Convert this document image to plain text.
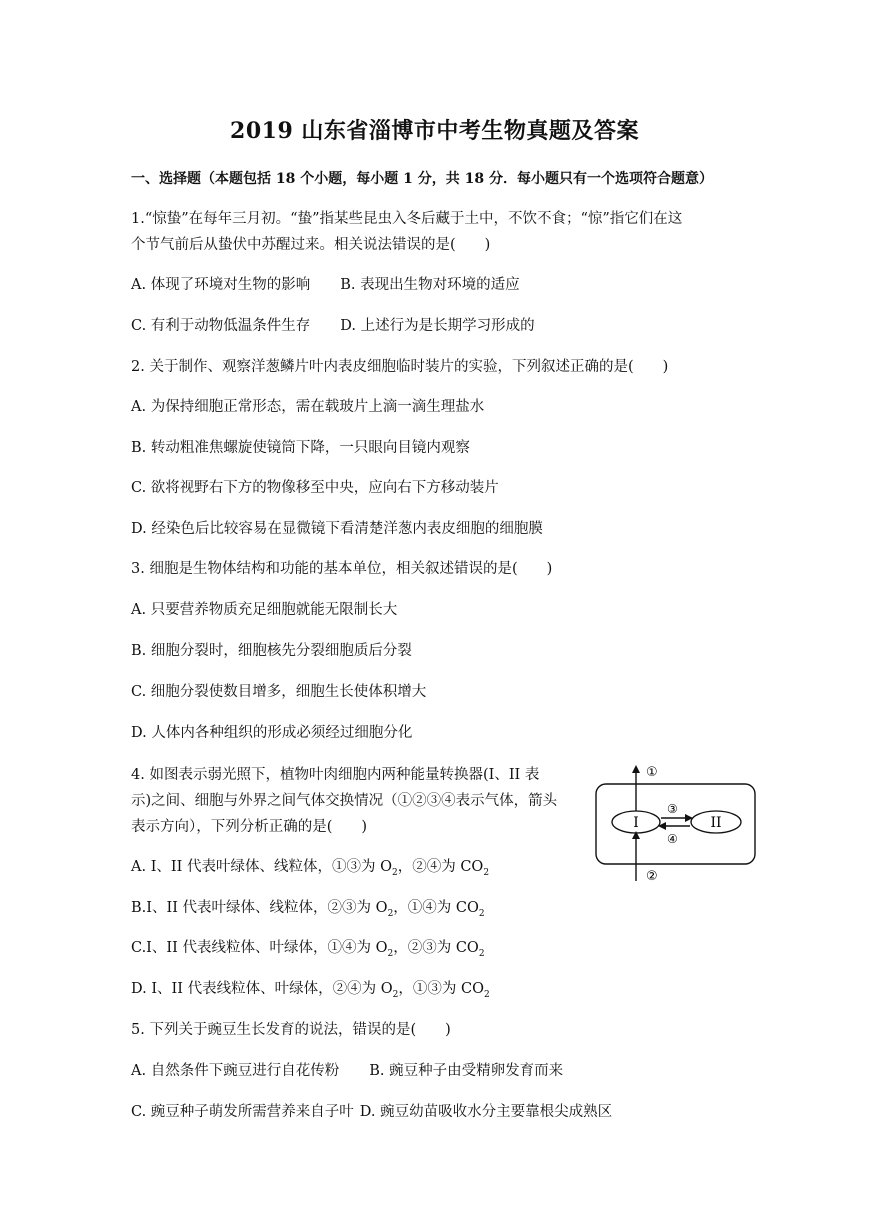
2019 山东省淄博市中考生物真题及答案
一、选择题（本题包括 18 个小题，每小题 1 分，共 18 分．每小题只有一个选项符合题意）
1.“惊蛰”在每年三月初。“蛰”指某些昆虫入冬后藏于土中，不饮不食；“惊”指它们在这
个节气前后从蛰伏中苏醒过来。相关说法错误的是(　　)
A. 体现了环境对生物的影响 B. 表现出生物对环境的适应
C. 有利于动物低温条件生存 D. 上述行为是长期学习形成的
2. 关于制作、观察洋葱鳞片叶内表皮细胞临时装片的实验，下列叙述正确的是(　　)
A. 为保持细胞正常形态，需在载玻片上滴一滴生理盐水
B. 转动粗准焦螺旋使镜筒下降，一只眼向目镜内观察
C. 欲将视野右下方的物像移至中央，应向右下方移动装片
D. 经染色后比较容易在显微镜下看清楚洋葱内表皮细胞的细胞膜
3. 细胞是生物体结构和功能的基本单位，相关叙述错误的是(　　)
A. 只要营养物质充足细胞就能无限制长大
B. 细胞分裂时，细胞核先分裂细胞质后分裂
C. 细胞分裂使数目增多，细胞生长使体积增大
D. 人体内各种组织的形成必须经过细胞分化
4. 如图表示弱光照下，植物叶肉细胞内两种能量转换器(I、II 表
示)之间、细胞与外界之间气体交换情况（①②③④表示气体，箭头
表示方向），下列分析正确的是(　　)
A. I、II 代表叶绿体、线粒体，①③为 $O_2$，②④为 $CO_2$
B.I、II 代表叶绿体、线粒体，②③为 $O_2$，①④为 $CO_2$
C.I、II 代表线粒体、叶绿体，①④为 $O_2$，②③为 $CO_2$
D. I、II 代表线粒体、叶绿体，②④为 $O_2$，①③为 $CO_2$
I	II
①
②
③
④
5. 下列关于豌豆生长发育的说法，错误的是(　　)
A. 自然条件下豌豆进行自花传粉 B. 豌豆种子由受精卵发育而来
C. 豌豆种子萌发所需营养来自子叶 D. 豌豆幼苗吸收水分主要靠根尖成熟区
